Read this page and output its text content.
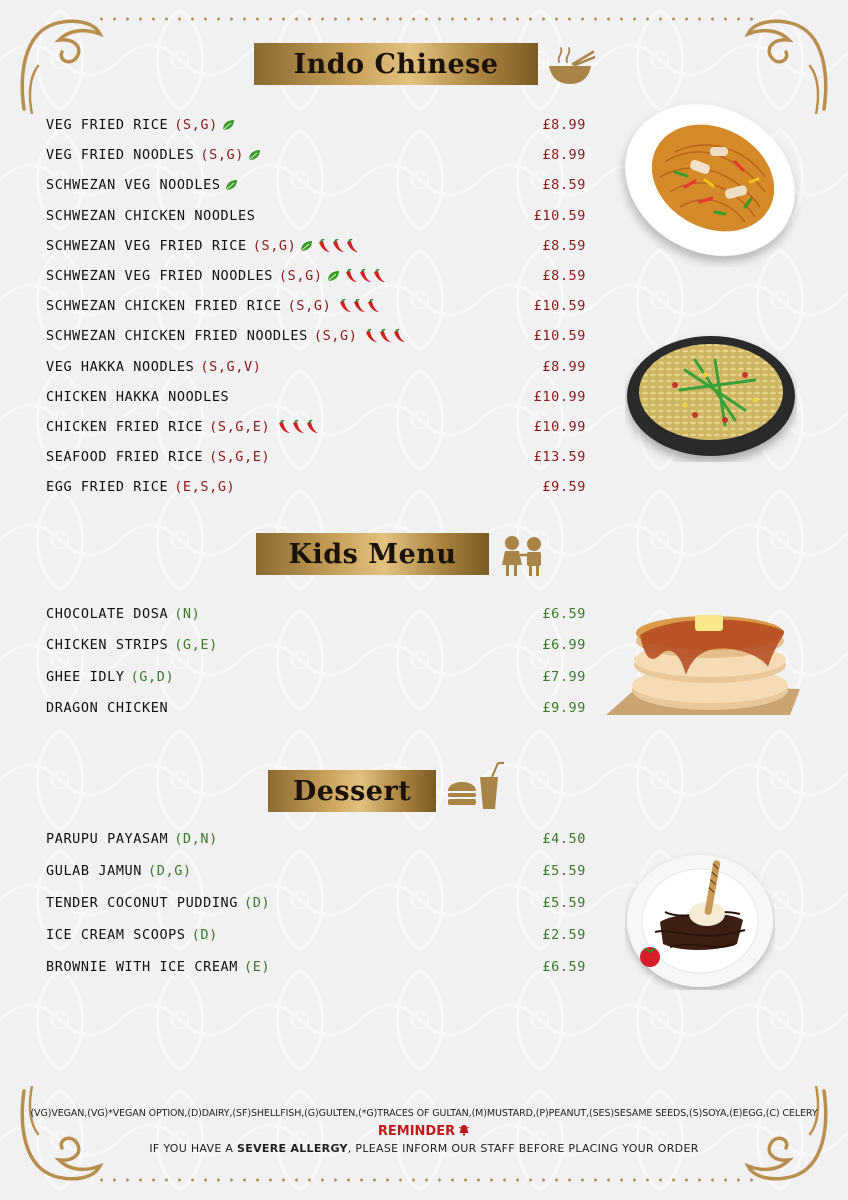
Indo Chinese
VEG FRIED RICE (S,G)	£8.99
VEG FRIED NOODLES (S,G)	£8.99
SCHWEZAN VEG NOODLES	£8.59
SCHWEZAN CHICKEN NOODLES	£10.59
SCHWEZAN VEG FRIED RICE (S,G)	£8.59
SCHWEZAN VEG FRIED NOODLES (S,G)	£8.59
SCHWEZAN CHICKEN FRIED RICE (S,G)	£10.59
SCHWEZAN CHICKEN FRIED NOODLES (S,G)	£10.59
VEG HAKKA NOODLES (S,G,V)	£8.99
CHICKEN HAKKA NOODLES	£10.99
CHICKEN FRIED RICE (S,G,E)	£10.99
SEAFOOD FRIED RICE (S,G,E)	£13.59
EGG FRIED RICE (E,S,G)	£9.59
Kids Menu
CHOCOLATE DOSA (N)	£6.59
CHICKEN STRIPS (G,E)	£6.99
GHEE IDLY (G,D)	£7.99
DRAGON CHICKEN	£9.99
Dessert
PARUPU PAYASAM (D,N)	£4.50
GULAB JAMUN (D,G)	£5.59
TENDER COCONUT PUDDING (D)	£5.59
ICE CREAM SCOOPS (D)	£2.59
BROWNIE WITH ICE CREAM (E)	£6.59
(VG)VEGAN,(VG)*VEGAN OPTION,(D)DAIRY,(SF)SHELLFISH,(G)GULTEN,(*G)TRACES OF GULTAN,(M)MUSTARD,(P)PEANUT,(SES)SESAME SEEDS,(S)SOYA,(E)EGG,(C) CELERY
REMINDER
IF YOU HAVE A SEVERE ALLERGY, PLEASE INFORM OUR STAFF BEFORE PLACING YOUR ORDER
